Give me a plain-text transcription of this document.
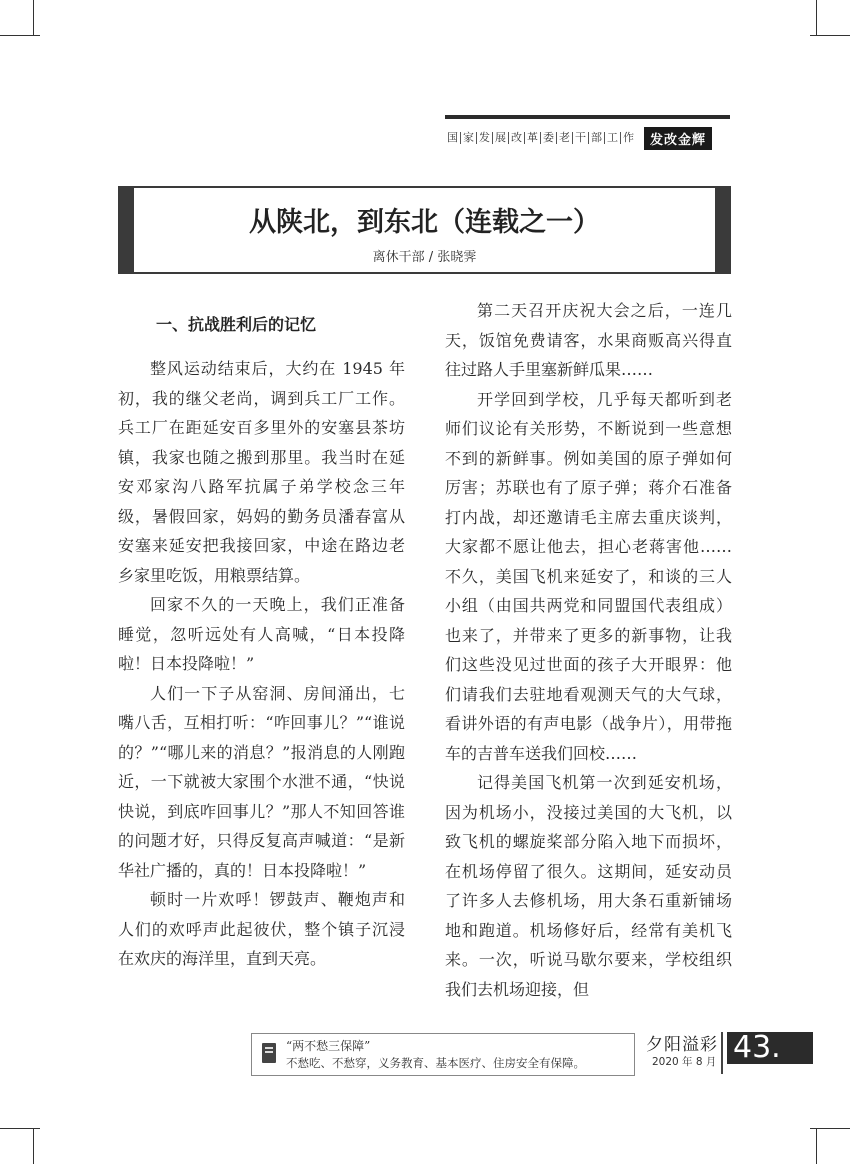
国 家 发 展 改 革 委 老 干 部 工 作	发改金辉
从陕北，到东北（连载之一）
离休干部 / 张晓霁
一、抗战胜利后的记忆

整风运动结束后，大约在 1945 年初，我的继父老尚，调到兵工厂工作。兵工厂在距延安百多里外的安塞县茶坊镇，我家也随之搬到那里。我当时在延安邓家沟八路军抗属子弟学校念三年级，暑假回家，妈妈的勤务员潘春富从安塞来延安把我接回家，中途在路边老乡家里吃饭，用粮票结算。

回家不久的一天晚上，我们正准备睡觉，忽听远处有人高喊，“日本投降啦！日本投降啦！”

人们一下子从窑洞、房间涌出，七嘴八舌，互相打听：“咋回事儿？”“谁说的？”“哪儿来的消息？”报消息的人刚跑近，一下就被大家围个水泄不通，“快说快说，到底咋回事儿？”那人不知回答谁的问题才好，只得反复高声喊道：“是新华社广播的，真的！日本投降啦！”

顿时一片欢呼！锣鼓声、鞭炮声和人们的欢呼声此起彼伏，整个镇子沉浸在欢庆的海洋里，直到天亮。

第二天召开庆祝大会之后，一连几天，饭馆免费请客，水果商贩高兴得直往过路人手里塞新鲜瓜果……

开学回到学校，几乎每天都听到老师们议论有关形势，不断说到一些意想不到的新鲜事。例如美国的原子弹如何厉害；苏联也有了原子弹；蒋介石准备打内战，却还邀请毛主席去重庆谈判，大家都不愿让他去，担心老蒋害他……不久，美国飞机来延安了，和谈的三人小组（由国共两党和同盟国代表组成）也来了，并带来了更多的新事物，让我们这些没见过世面的孩子大开眼界：他们请我们去驻地看观测天气的大气球，看讲外语的有声电影（战争片），用带拖车的吉普车送我们回校……

记得美国飞机第一次到延安机场，因为机场小，没接过美国的大飞机，以致飞机的螺旋桨部分陷入地下而损坏，在机场停留了很久。这期间，延安动员了许多人去修机场，用大条石重新铺场地和跑道。机场修好后，经常有美机飞来。一次，听说马歇尔要来，学校组织我们去机场迎接，但

“两不愁三保障”
不愁吃、不愁穿，义务教育、基本医疗、住房安全有保障。
夕阳溢彩
2020 年 8 月 43.
